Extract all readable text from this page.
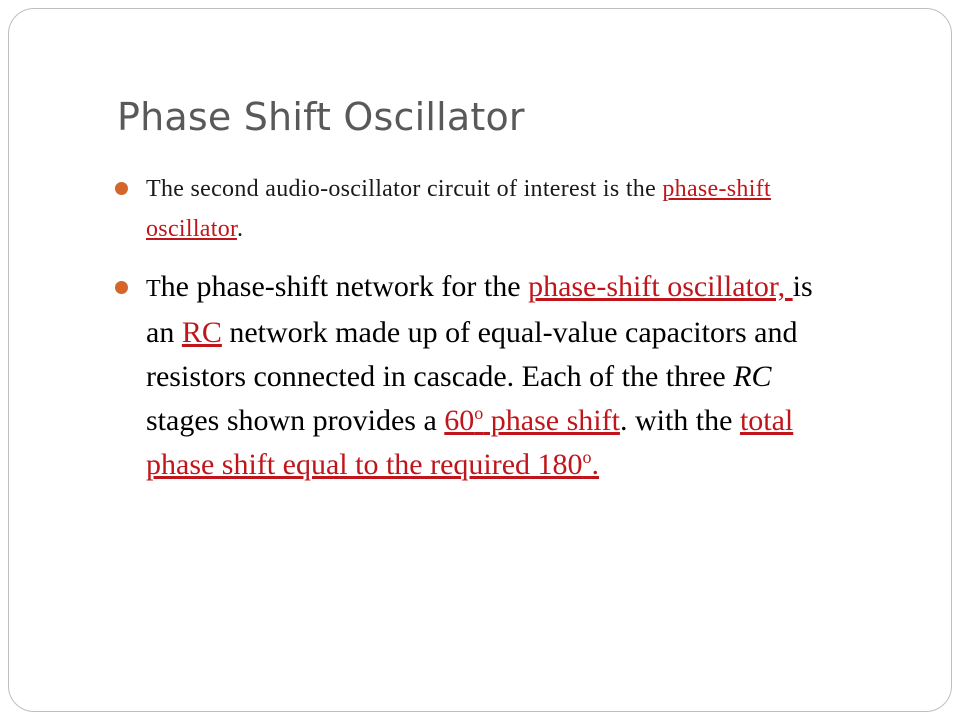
Phase Shift Oscillator
The second audio-oscillator circuit of interest is the phase-shift oscillator.
The phase-shift network for the phase-shift oscillator, is an RC network made up of equal-value capacitors and resistors connected in cascade. Each of the three RC stages shown provides a 60$^o$ phase shift. with the total phase shift equal to the required 180$^o$.
